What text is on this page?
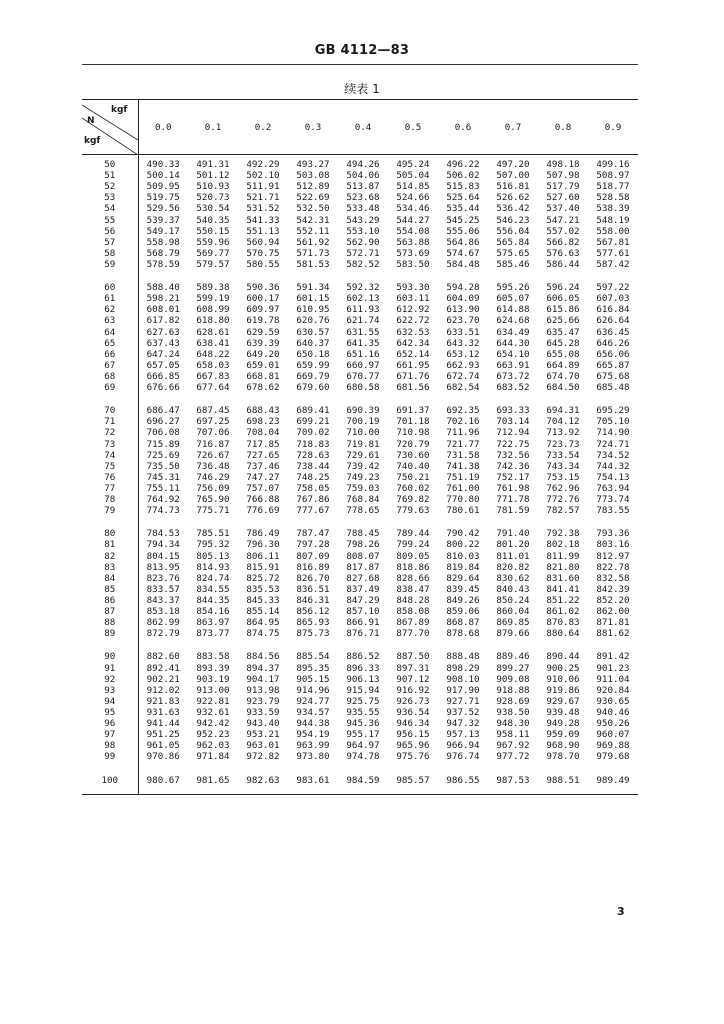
GB 4112—83
续表 1
kgf
N
kgf	0.0	0.1	0.2	0.3	0.4	0.5	0.6	0.7	0.8	0.9

50	490.33	491.31	492.29	493.27	494.26	495.24	496.22	497.20	498.18	499.16
51	500.14	501.12	502.10	503.08	504.06	505.04	506.02	507.00	507.98	508.97
52	509.95	510.93	511.91	512.89	513.87	514.85	515.83	516.81	517.79	518.77
53	519.75	520.73	521.71	522.69	523.68	524.66	525.64	526.62	527.60	528.58
54	529.56	530.54	531.52	532.50	533.48	534.46	535.44	536.42	537.40	538.39
55	539.37	540.35	541.33	542.31	543.29	544.27	545.25	546.23	547.21	548.19
56	549.17	550.15	551.13	552.11	553.10	554.08	555.06	556.04	557.02	558.00
57	558.98	559.96	560.94	561.92	562.90	563.88	564.86	565.84	566.82	567.81
58	568.79	569.77	570.75	571.73	572.71	573.69	574.67	575.65	576.63	577.61
59	578.59	579.57	580.55	581.53	582.52	583.50	584.48	585.46	586.44	587.42

60	588.40	589.38	590.36	591.34	592.32	593.30	594.28	595.26	596.24	597.22
61	598.21	599.19	600.17	601.15	602.13	603.11	604.09	605.07	606.05	607.03
62	608.01	608.99	609.97	610.95	611.93	612.92	613.90	614.88	615.86	616.84
63	617.82	618.80	619.78	620.76	621.74	622.72	623.70	624.68	625.66	626.64
64	627.63	628.61	629.59	630.57	631.55	632.53	633.51	634.49	635.47	636.45
65	637.43	638.41	639.39	640.37	641.35	642.34	643.32	644.30	645.28	646.26
66	647.24	648.22	649.20	650.18	651.16	652.14	653.12	654.10	655.08	656.06
67	657.05	658.03	659.01	659.99	660.97	661.95	662.93	663.91	664.89	665.87
68	666.85	667.83	668.81	669.79	670.77	671.76	672.74	673.72	674.70	675.68
69	676.66	677.64	678.62	679.60	680.58	681.56	682.54	683.52	684.50	685.48

70	686.47	687.45	688.43	689.41	690.39	691.37	692.35	693.33	694.31	695.29
71	696.27	697.25	698.23	699.21	700.19	701.18	702.16	703.14	704.12	705.10
72	706.08	707.06	708.04	709.02	710.00	710.98	711.96	712.94	713.92	714.90
73	715.89	716.87	717.85	718.83	719.81	720.79	721.77	722.75	723.73	724.71
74	725.69	726.67	727.65	728.63	729.61	730.60	731.58	732.56	733.54	734.52
75	735.50	736.48	737.46	738.44	739.42	740.40	741.38	742.36	743.34	744.32
76	745.31	746.29	747.27	748.25	749.23	750.21	751.19	752.17	753.15	754.13
77	755.11	756.09	757.07	758.05	759.03	760.02	761.00	761.98	762.96	763.94
78	764.92	765.90	766.88	767.86	768.84	769.82	770.80	771.78	772.76	773.74
79	774.73	775.71	776.69	777.67	778.65	779.63	780.61	781.59	782.57	783.55

80	784.53	785.51	786.49	787.47	788.45	789.44	790.42	791.40	792.38	793.36
81	794.34	795.32	796.30	797.28	798.26	799.24	800.22	801.20	802.18	803.16
82	804.15	805.13	806.11	807.09	808.07	809.05	810.03	811.01	811.99	812.97
83	813.95	814.93	815.91	816.89	817.87	818.86	819.84	820.82	821.80	822.78
84	823.76	824.74	825.72	826.70	827.68	828.66	829.64	830.62	831.60	832.58
85	833.57	834.55	835.53	836.51	837.49	838.47	839.45	840.43	841.41	842.39
86	843.37	844.35	845.33	846.31	847.29	848.28	849.26	850.24	851.22	852.20
87	853.18	854.16	855.14	856.12	857.10	858.08	859.06	860.04	861.02	862.00
88	862.99	863.97	864.95	865.93	866.91	867.89	868.87	869.85	870.83	871.81
89	872.79	873.77	874.75	875.73	876.71	877.70	878.68	879.66	880.64	881.62

90	882.60	883.58	884.56	885.54	886.52	887.50	888.48	889.46	890.44	891.42
91	892.41	893.39	894.37	895.35	896.33	897.31	898.29	899.27	900.25	901.23
92	902.21	903.19	904.17	905.15	906.13	907.12	908.10	909.08	910.06	911.04
93	912.02	913.00	913.98	914.96	915.94	916.92	917.90	918.88	919.86	920.84
94	921.83	922.81	923.79	924.77	925.75	926.73	927.71	928.69	929.67	930.65
95	931.63	932.61	933.59	934.57	935.55	936.54	937.52	938.50	939.48	940.46
96	941.44	942.42	943.40	944.38	945.36	946.34	947.32	948.30	949.28	950.26
97	951.25	952.23	953.21	954.19	955.17	956.15	957.13	958.11	959.09	960.07
98	961.05	962.03	963.01	963.99	964.97	965.96	966.94	967.92	968.90	969.88
99	970.86	971.84	972.82	973.80	974.78	975.76	976.74	977.72	978.70	979.68

100	980.67	981.65	982.63	983.61	984.59	985.57	986.55	987.53	988.51	989.49

3
